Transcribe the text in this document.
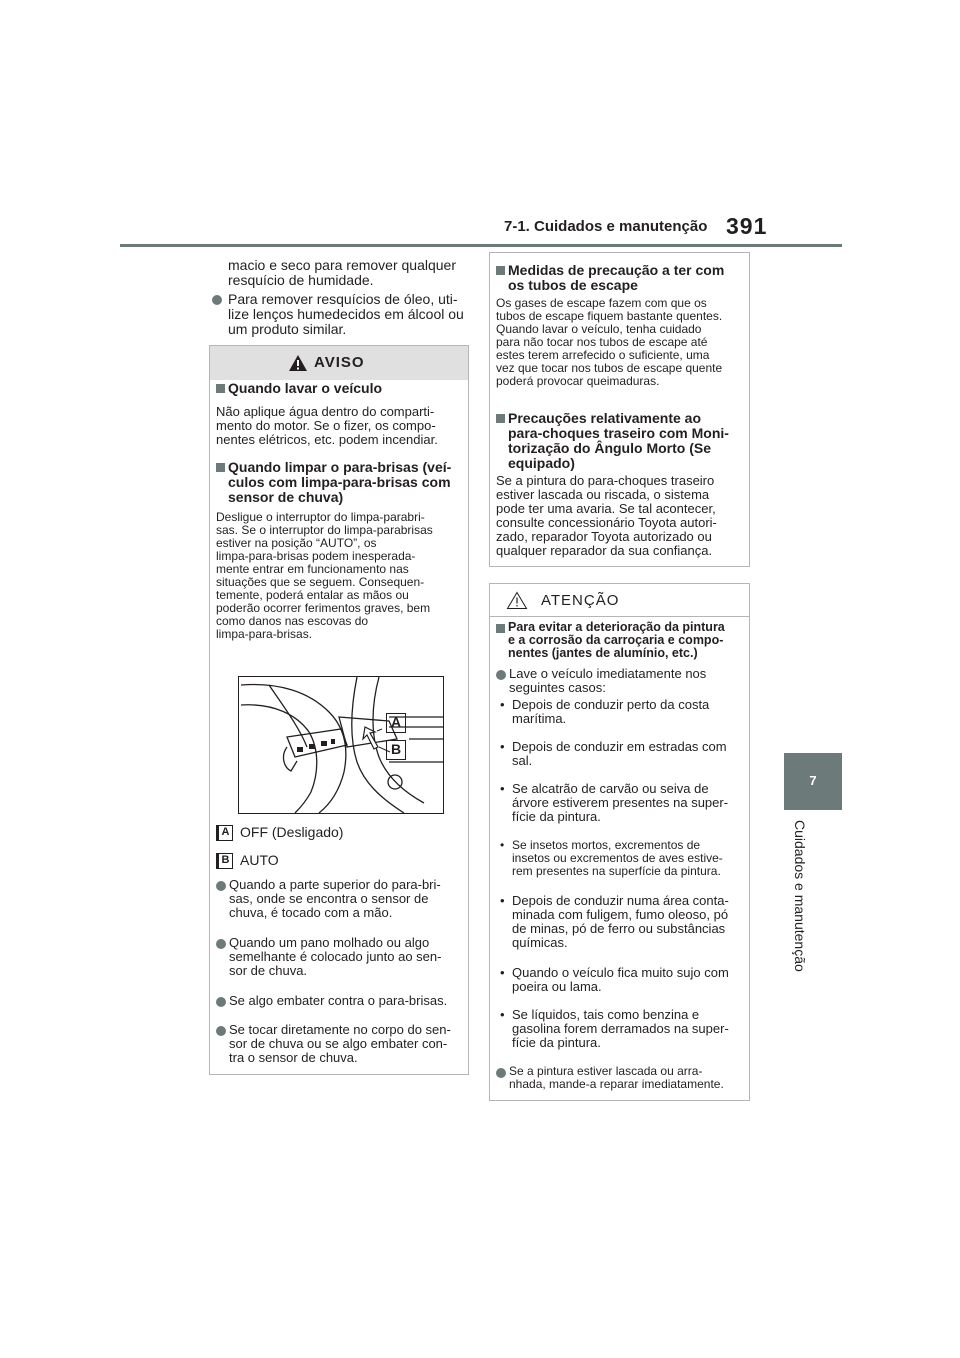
7-1. Cuidados e manutenção 391
7
Cuidados e manutenção
macio e seco para remover qualquer
resquício de humidade.
Para remover resquícios de óleo, uti-
lize lenços humedecidos em álcool ou
um produto similar.
AVISO
Quando lavar o veículo
Não aplique água dentro do comparti-
mento do motor. Se o fizer, os compo-
nentes elétricos, etc. podem incendiar.
Quando limpar o para-brisas (veí-
culos com limpa-para-brisas com
sensor de chuva)
Desligue o interruptor do limpa-parabri-
sas. Se o interruptor do limpa-parabrisas
estiver na posição “AUTO”, os
limpa-para-brisas podem inesperada-
mente entrar em funcionamento nas
situações que se seguem. Consequen-
temente, poderá entalar as mãos ou
poderão ocorrer ferimentos graves, bem
como danos nas escovas do
limpa-para-brisas.
A
B
A OFF (Desligado)
B AUTO
Quando a parte superior do para-bri-
sas, onde se encontra o sensor de
chuva, é tocado com a mão.
Quando um pano molhado ou algo
semelhante é colocado junto ao sen-
sor de chuva.
Se algo embater contra o para-brisas.
Se tocar diretamente no corpo do sen-
sor de chuva ou se algo embater con-
tra o sensor de chuva.
Medidas de precaução a ter com
os tubos de escape
Os gases de escape fazem com que os
tubos de escape fiquem bastante quentes.
Quando lavar o veículo, tenha cuidado
para não tocar nos tubos de escape até
estes terem arrefecido o suficiente, uma
vez que tocar nos tubos de escape quente
poderá provocar queimaduras.
Precauções relativamente ao
para-choques traseiro com Moni-
torização do Ângulo Morto (Se
equipado)
Se a pintura do para-choques traseiro
estiver lascada ou riscada, o sistema
pode ter uma avaria. Se tal acontecer,
consulte concessionário Toyota autori-
zado, reparador Toyota autorizado ou
qualquer reparador da sua confiança.
ATENÇÃO
Para evitar a deterioração da pintura
e a corrosão da carroçaria e compo-
nentes (jantes de alumínio, etc.)
Lave o veículo imediatamente nos
seguintes casos:
• Depois de conduzir perto da costa
marítima.
• Depois de conduzir em estradas com
sal.
• Se alcatrão de carvão ou seiva de
árvore estiverem presentes na super-
fície da pintura.
• Se insetos mortos, excrementos de
insetos ou excrementos de aves estive-
rem presentes na superfície da pintura.
• Depois de conduzir numa área conta-
minada com fuligem, fumo oleoso, pó
de minas, pó de ferro ou substâncias
químicas.
• Quando o veículo fica muito sujo com
poeira ou lama.
• Se líquidos, tais como benzina e
gasolina forem derramados na super-
fície da pintura.
Se a pintura estiver lascada ou arra-
nhada, mande-a reparar imediatamente.
